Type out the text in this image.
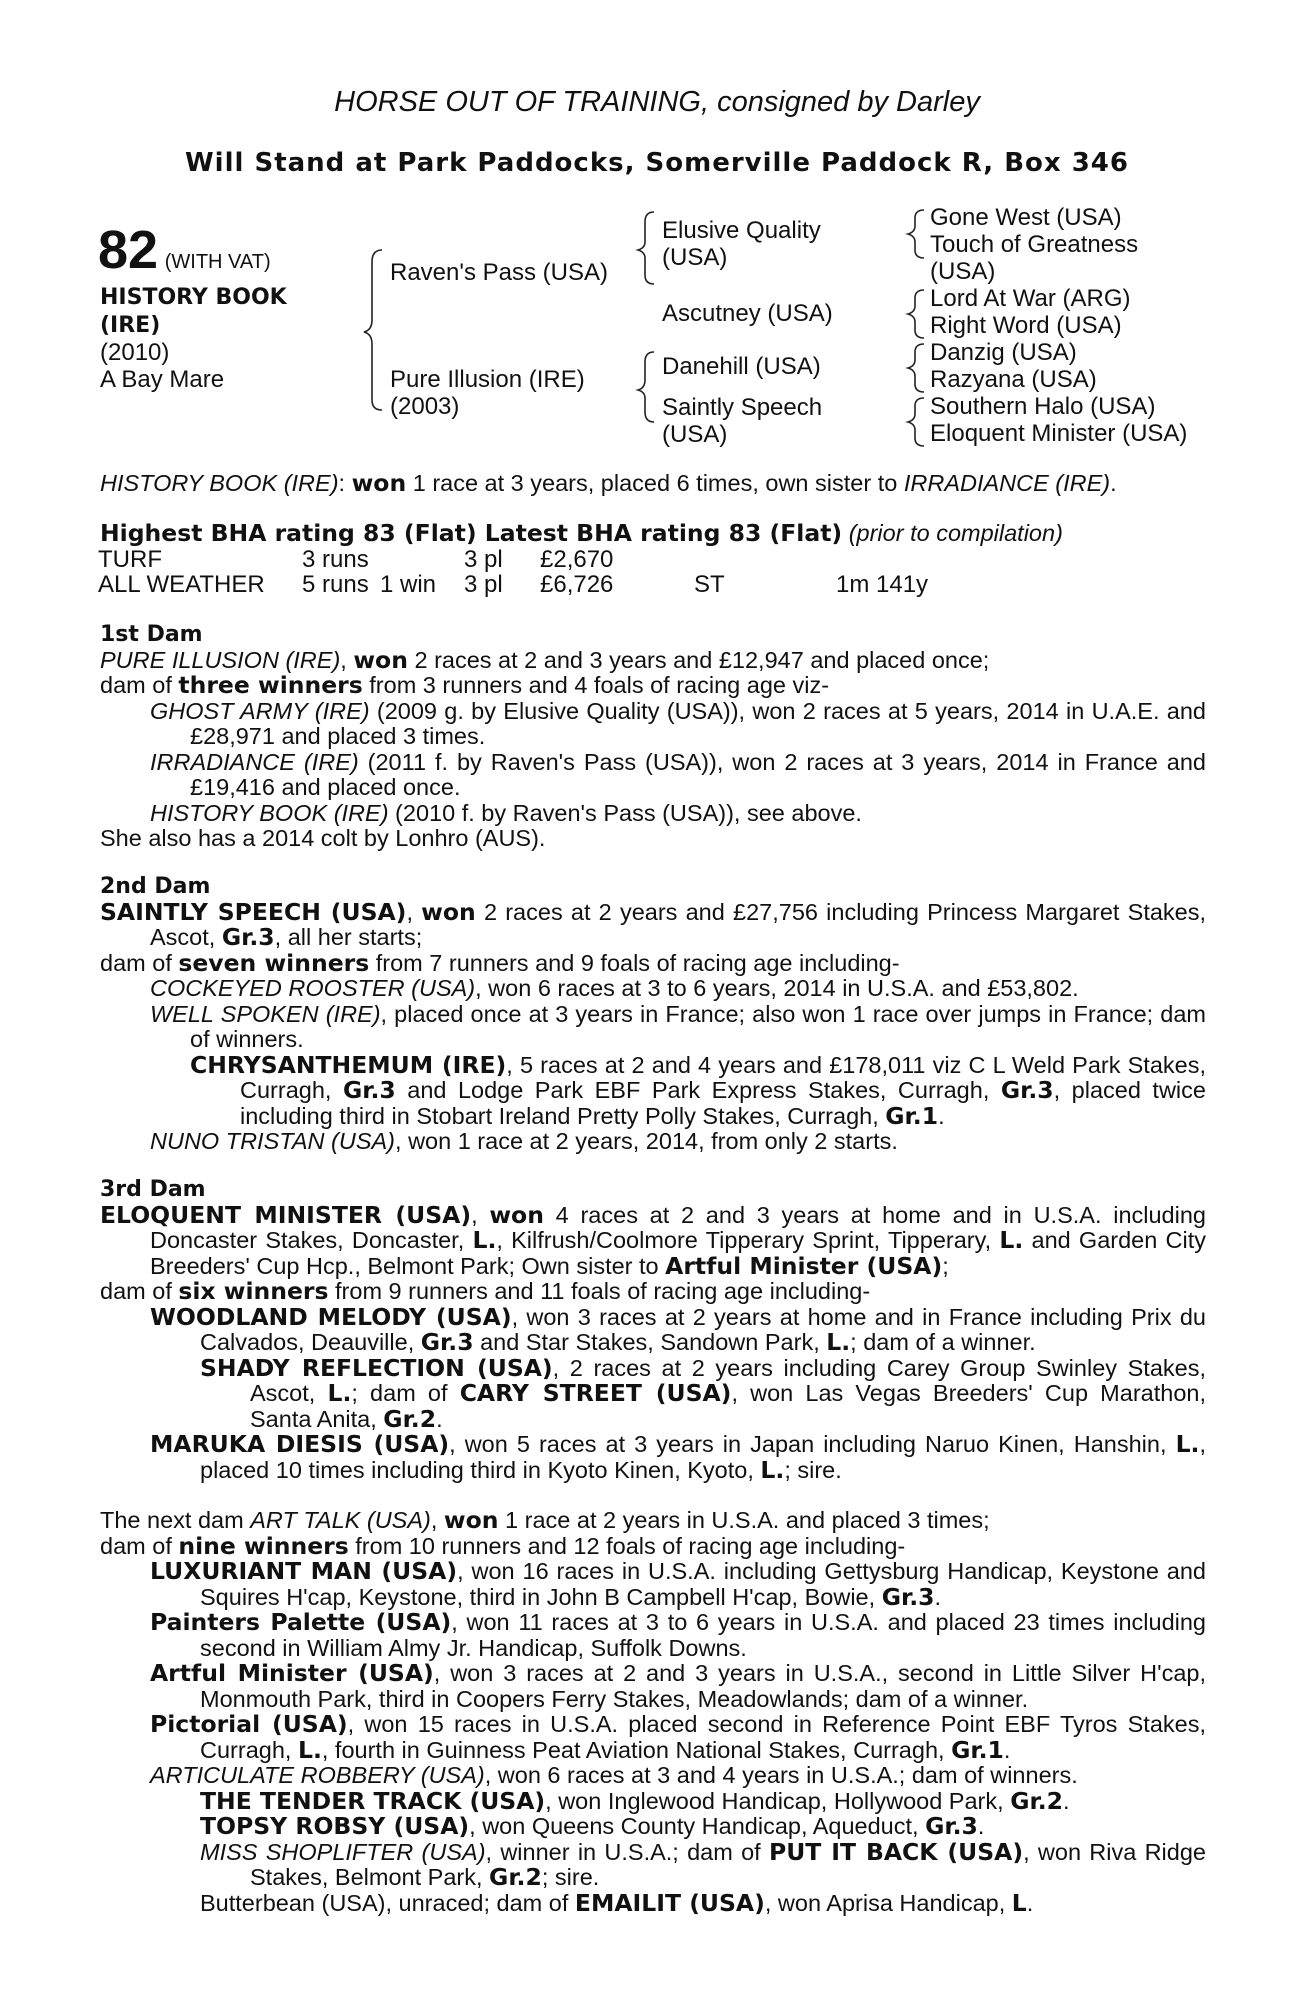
HORSE OUT OF TRAINING, consigned by Darley
Will Stand at Park Paddocks, Somerville Paddock R, Box 346
82 (WITH VAT)
HISTORY BOOK
(IRE)
(2010)
A Bay Mare
Raven's Pass (USA)
Pure Illusion (IRE)
(2003)
Elusive Quality
(USA)
Ascutney (USA)
Danehill (USA)
Saintly Speech
(USA)
Gone West (USA)
Touch of Greatness
(USA)
Lord At War (ARG)
Right Word (USA)
Danzig (USA)
Razyana (USA)
Southern Halo (USA)
Eloquent Minister (USA)
HISTORY BOOK (IRE): won 1 race at 3 years, placed 6 times, own sister to IRRADIANCE (IRE).
Highest BHA rating 83 (Flat) Latest BHA rating 83 (Flat) (prior to compilation)
TURF	3 runs		3 pl	£2,670		
ALL WEATHER	5 runs	1 win	3 pl	£6,726	ST	1m 141y
1st Dam
PURE ILLUSION (IRE), won 2 races at 2 and 3 years and £12,947 and placed once;
dam of three winners from 3 runners and 4 foals of racing age viz-
GHOST ARMY (IRE) (2009 g. by Elusive Quality (USA)), won 2 races at 5 years, 2014 in U.A.E. and £28,971 and placed 3 times.
IRRADIANCE (IRE) (2011 f. by Raven's Pass (USA)), won 2 races at 3 years, 2014 in France and £19,416 and placed once.
HISTORY BOOK (IRE) (2010 f. by Raven's Pass (USA)), see above.
She also has a 2014 colt by Lonhro (AUS).
2nd Dam
SAINTLY SPEECH (USA), won 2 races at 2 years and £27,756 including Princess Margaret Stakes, Ascot, Gr.3, all her starts;
dam of seven winners from 7 runners and 9 foals of racing age including-
COCKEYED ROOSTER (USA), won 6 races at 3 to 6 years, 2014 in U.S.A. and £53,802.
WELL SPOKEN (IRE), placed once at 3 years in France; also won 1 race over jumps in France; dam of winners.
CHRYSANTHEMUM (IRE), 5 races at 2 and 4 years and £178,011 viz C L Weld Park Stakes, Curragh, Gr.3 and Lodge Park EBF Park Express Stakes, Curragh, Gr.3, placed twice including third in Stobart Ireland Pretty Polly Stakes, Curragh, Gr.1.
NUNO TRISTAN (USA), won 1 race at 2 years, 2014, from only 2 starts.
3rd Dam
ELOQUENT MINISTER (USA), won 4 races at 2 and 3 years at home and in U.S.A. including Doncaster Stakes, Doncaster, L., Kilfrush/Coolmore Tipperary Sprint, Tipperary, L. and Garden City Breeders' Cup Hcp., Belmont Park; Own sister to Artful Minister (USA);
dam of six winners from 9 runners and 11 foals of racing age including-
WOODLAND MELODY (USA), won 3 races at 2 years at home and in France including Prix du Calvados, Deauville, Gr.3 and Star Stakes, Sandown Park, L.; dam of a winner.
SHADY REFLECTION (USA), 2 races at 2 years including Carey Group Swinley Stakes, Ascot, L.; dam of CARY STREET (USA), won Las Vegas Breeders' Cup Marathon, Santa Anita, Gr.2.
MARUKA DIESIS (USA), won 5 races at 3 years in Japan including Naruo Kinen, Hanshin, L., placed 10 times including third in Kyoto Kinen, Kyoto, L.; sire.
The next dam ART TALK (USA), won 1 race at 2 years in U.S.A. and placed 3 times;
dam of nine winners from 10 runners and 12 foals of racing age including-
LUXURIANT MAN (USA), won 16 races in U.S.A. including Gettysburg Handicap, Keystone and Squires H'cap, Keystone, third in John B Campbell H'cap, Bowie, Gr.3.
Painters Palette (USA), won 11 races at 3 to 6 years in U.S.A. and placed 23 times including second in William Almy Jr. Handicap, Suffolk Downs.
Artful Minister (USA), won 3 races at 2 and 3 years in U.S.A., second in Little Silver H'cap, Monmouth Park, third in Coopers Ferry Stakes, Meadowlands; dam of a winner.
Pictorial (USA), won 15 races in U.S.A. placed second in Reference Point EBF Tyros Stakes, Curragh, L., fourth in Guinness Peat Aviation National Stakes, Curragh, Gr.1.
ARTICULATE ROBBERY (USA), won 6 races at 3 and 4 years in U.S.A.; dam of winners.
THE TENDER TRACK (USA), won Inglewood Handicap, Hollywood Park, Gr.2.
TOPSY ROBSY (USA), won Queens County Handicap, Aqueduct, Gr.3.
MISS SHOPLIFTER (USA), winner in U.S.A.; dam of PUT IT BACK (USA), won Riva Ridge Stakes, Belmont Park, Gr.2; sire.
Butterbean (USA), unraced; dam of EMAILIT (USA), won Aprisa Handicap, L.
